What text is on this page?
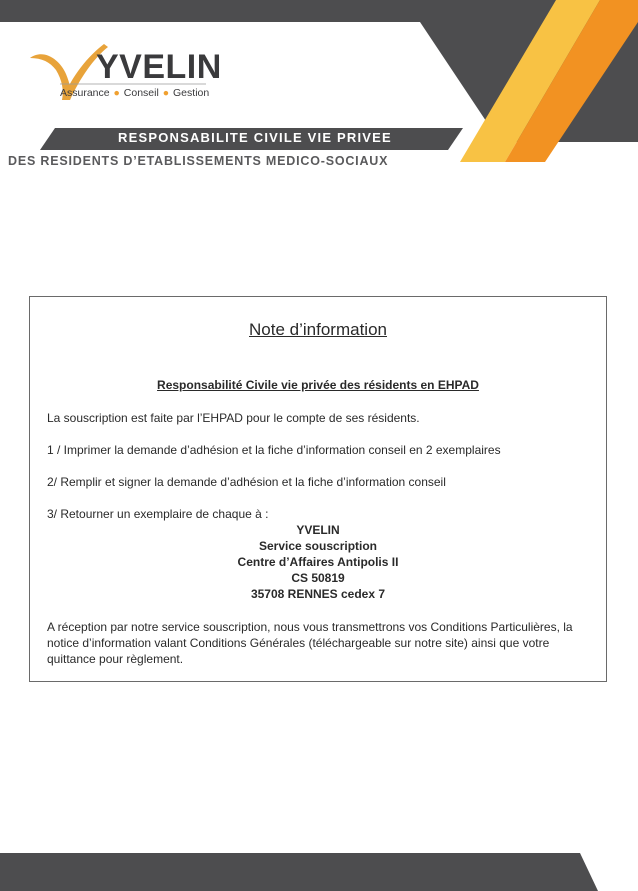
YVELIN
Assurance ● Conseil ● Gestion
RESPONSABILITE CIVILE VIE PRIVEE
DES RESIDENTS D’ETABLISSEMENTS MEDICO-SOCIAUX
Note d’information
Responsabilité Civile vie privée des résidents en EHPAD
La souscription est faite par l’EHPAD pour le compte de ses résidents.
1 / Imprimer la demande d’adhésion et la fiche d’information conseil en 2 exemplaires
2/ Remplir et signer la demande d’adhésion et la fiche d’information conseil
3/ Retourner un exemplaire de chaque à :
YVELIN
Service souscription
Centre d’Affaires Antipolis II
CS 50819
35708 RENNES cedex 7
A réception par notre service souscription, nous vous transmettrons vos Conditions Particulières, la notice d’information valant Conditions Générales (téléchargeable sur notre site) ainsi que votre quittance pour règlement.
